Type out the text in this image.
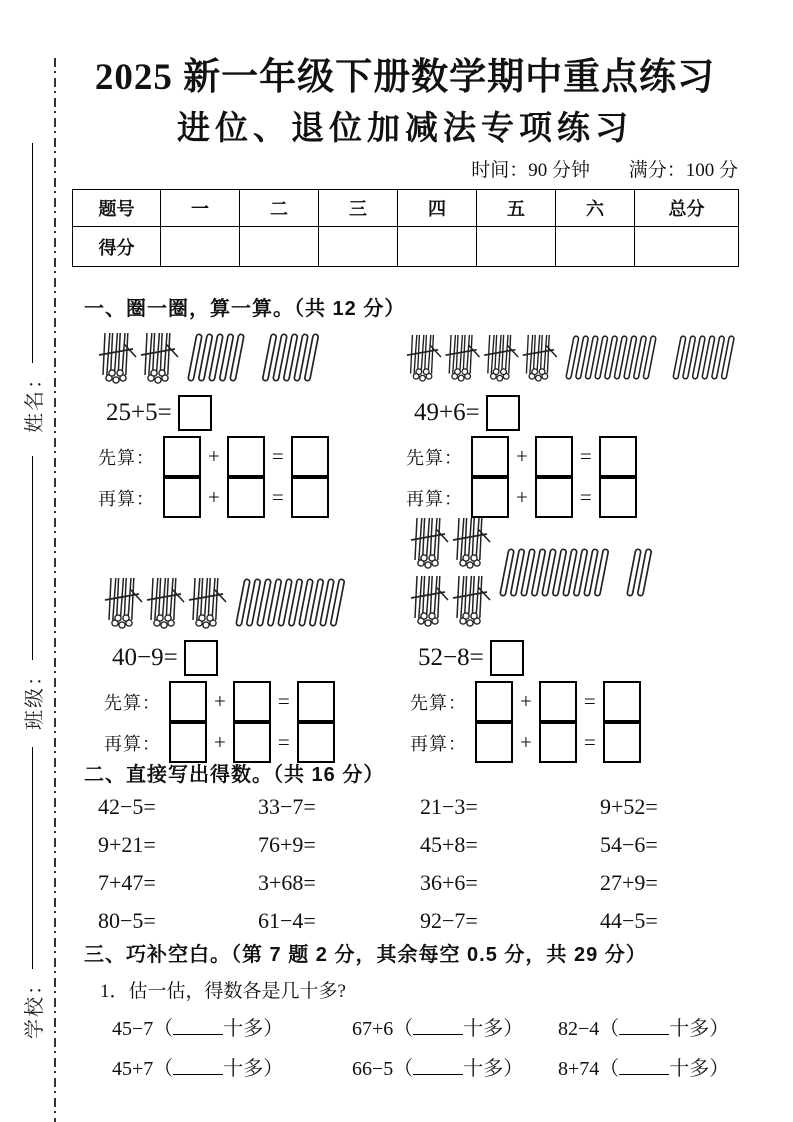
姓名：
班级：
学校：
2025 新一年级下册数学期中重点练习
进位、退位加减法专项练习
时间：90 分钟 满分：100 分
题号	一	二	三	四	五	六	总分
得分							
一、圈一圈，算一算。（共 12 分）
25+5=
先算：	+ =
再算：	+ =
49+6=
先算：	+ =
再算：	+ =
40−9=
先算：	+ =
再算：	+ =
52−8=
先算：	+ =
再算：	+ =
二、直接写出得数。（共 16 分）
42−5=	33−7=	21−3=	9+52=
9+21=	76+9=	45+8=	54−6=
7+47=	3+68=	36+6=	27+9=
80−5=	61−4=	92−7=	44−5=
三、巧补空白。（第 7 题 2 分，其余每空 0.5 分，共 29 分）
1．估一估，得数各是几十多?
45−7（	十多）	67+6（	十多）	82−4（	十多）
45+7（	十多）	66−5（	十多）	8+74（	十多）
